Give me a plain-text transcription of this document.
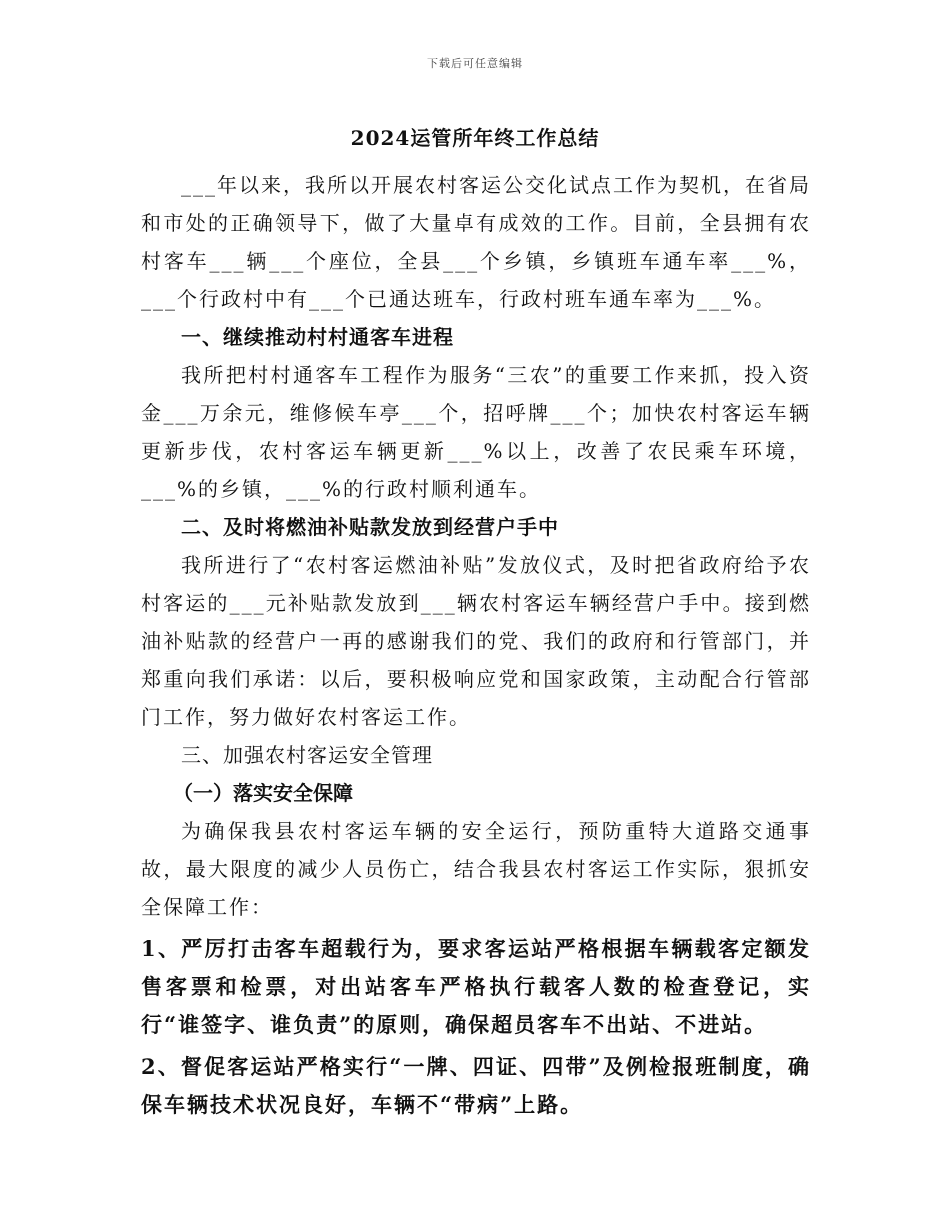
下载后可任意编辑
2024运管所年终工作总结

___年以来，我所以开展农村客运公交化试点工作为契机，在省局和市处的正确领导下，做了大量卓有成效的工作。目前，全县拥有农村客车___辆___个座位，全县___个乡镇，乡镇班车通车率___%，___个行政村中有___个已通达班车，行政村班车通车率为___%。

一、继续推动村村通客车进程

我所把村村通客车工程作为服务“三农”的重要工作来抓，投入资金___万余元，维修候车亭___个，招呼牌___个；加快农村客运车辆更新步伐，农村客运车辆更新___%以上，改善了农民乘车环境，___%的乡镇，___%的行政村顺利通车。

二、及时将燃油补贴款发放到经营户手中

我所进行了“农村客运燃油补贴”发放仪式，及时把省政府给予农村客运的___元补贴款发放到___辆农村客运车辆经营户手中。接到燃油补贴款的经营户一再的感谢我们的党、我们的政府和行管部门，并郑重向我们承诺：以后，要积极响应党和国家政策，主动配合行管部门工作，努力做好农村客运工作。

三、加强农村客运安全管理

（一）落实安全保障

为确保我县农村客运车辆的安全运行，预防重特大道路交通事故，最大限度的减少人员伤亡，结合我县农村客运工作实际，狠抓安全保障工作：

1、严厉打击客车超载行为，要求客运站严格根据车辆载客定额发售客票和检票，对出站客车严格执行载客人数的检查登记，实行“谁签字、谁负责”的原则，确保超员客车不出站、不进站。

2、督促客运站严格实行“一牌、四证、四带”及例检报班制度，确保车辆技术状况良好，车辆不“带病”上路。
